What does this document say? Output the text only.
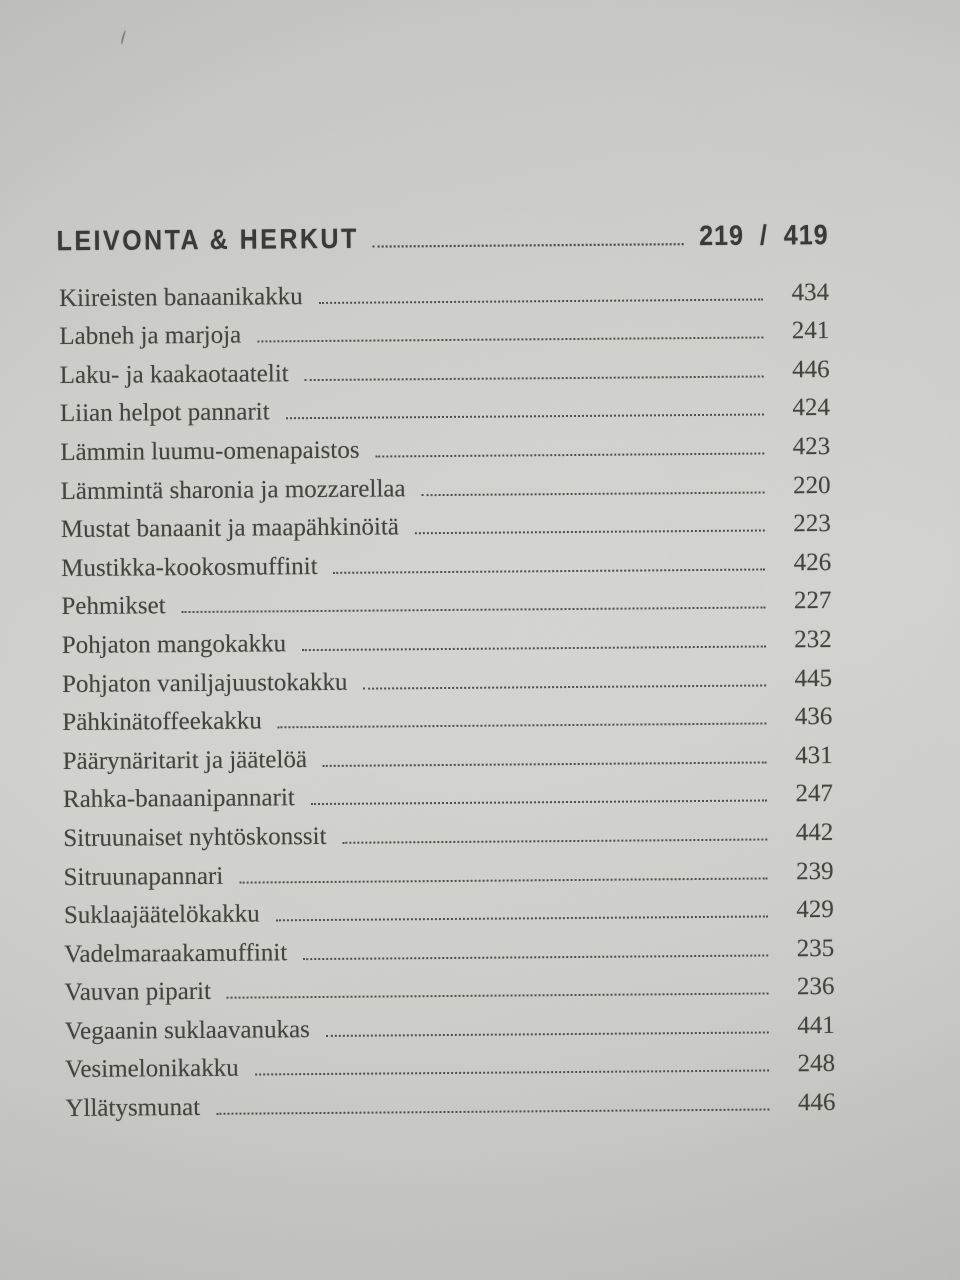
LEIVONTA & HERKUT	219 / 419
Kiireisten banaanikakku	434
Labneh ja marjoja	241
Laku- ja kaakaotaatelit	446
Liian helpot pannarit	424
Lämmin luumu-omenapaistos	423
Lämmintä sharonia ja mozzarellaa	220
Mustat banaanit ja maapähkinöitä	223
Mustikka-kookosmuffinit	426
Pehmikset	227
Pohjaton mangokakku	232
Pohjaton vaniljajuustokakku	445
Pähkinätoffeekakku	436
Päärynäritarit ja jäätelöä	431
Rahka-banaanipannarit	247
Sitruunaiset nyhtöskonssit	442
Sitruunapannari	239
Suklaajäätelökakku	429
Vadelmaraakamuffinit	235
Vauvan piparit	236
Vegaanin suklaavanukas	441
Vesimelonikakku	248
Yllätysmunat	446
